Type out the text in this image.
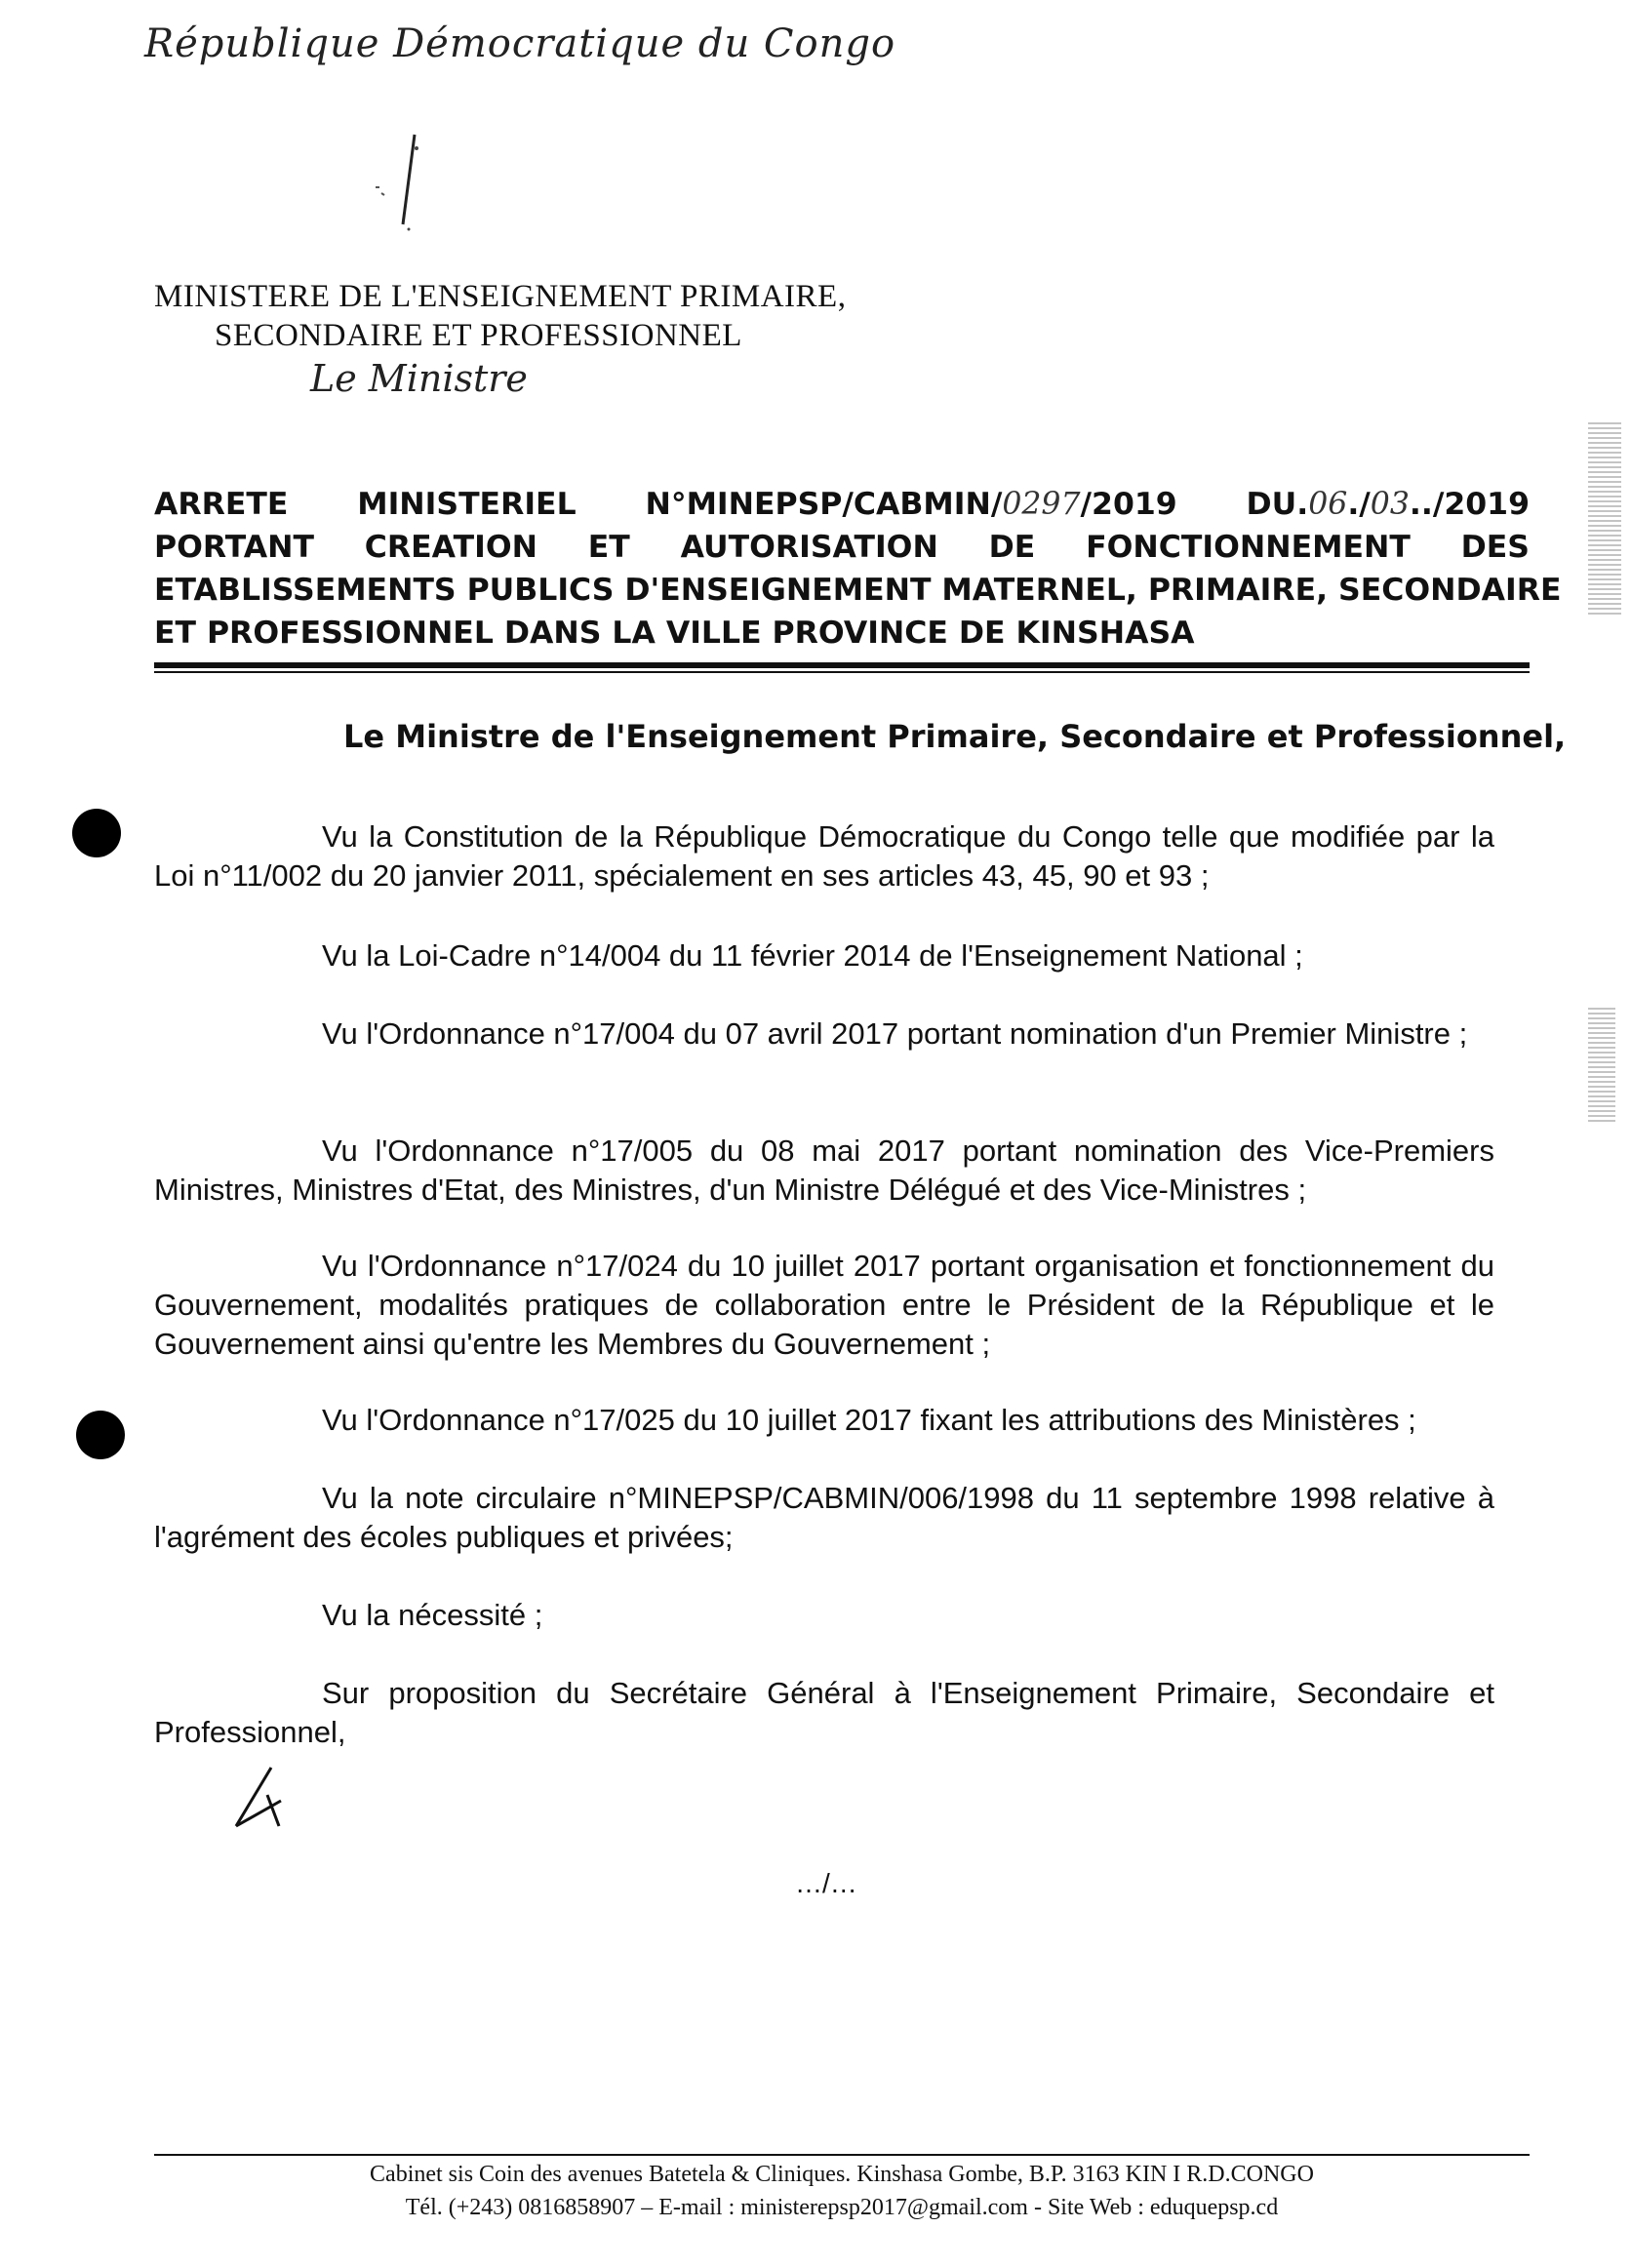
République Démocratique du Congo
MINISTERE DE L'ENSEIGNEMENT PRIMAIRE,
SECONDAIRE ET PROFESSIONNEL
Le Ministre
ARRETE MINISTERIEL N°MINEPSP/CABMIN/0297/2019 DU.06./03../2019
PORTANT CREATION ET AUTORISATION DE FONCTIONNEMENT DES
ETABLISSEMENTS PUBLICS D'ENSEIGNEMENT MATERNEL, PRIMAIRE, SECONDAIRE
ET PROFESSIONNEL DANS LA VILLE PROVINCE DE KINSHASA
Le Ministre de l'Enseignement Primaire, Secondaire et Professionnel,

Vu la Constitution de la République Démocratique du Congo telle que modifiée par la Loi n°11/002 du 20 janvier 2011, spécialement en ses articles 43, 45, 90 et 93 ;

Vu la Loi-Cadre n°14/004 du 11 février 2014 de l'Enseignement National ;

Vu l'Ordonnance n°17/004 du 07 avril 2017 portant nomination d'un Premier Ministre ;

Vu l'Ordonnance n°17/005 du 08 mai 2017 portant nomination des Vice-Premiers Ministres, Ministres d'Etat, des Ministres, d'un Ministre Délégué et des Vice-Ministres ;

Vu l'Ordonnance n°17/024 du 10 juillet 2017 portant organisation et fonctionnement du Gouvernement, modalités pratiques de collaboration entre le Président de la République et le Gouvernement ainsi qu'entre les Membres du Gouvernement ;

Vu l'Ordonnance n°17/025 du 10 juillet 2017 fixant les attributions des Ministères ;

Vu la note circulaire n°MINEPSP/CABMIN/006/1998 du 11 septembre 1998 relative à l'agrément des écoles publiques et privées;

Vu la nécessité ;

Sur proposition du Secrétaire Général à l'Enseignement Primaire, Secondaire et Professionnel,

…/…
Cabinet sis Coin des avenues Batetela & Cliniques. Kinshasa Gombe, B.P. 3163 KIN I R.D.CONGO
Tél. (+243) 0816858907 – E-mail : ministerepsp2017@gmail.com - Site Web : eduquepsp.cd
